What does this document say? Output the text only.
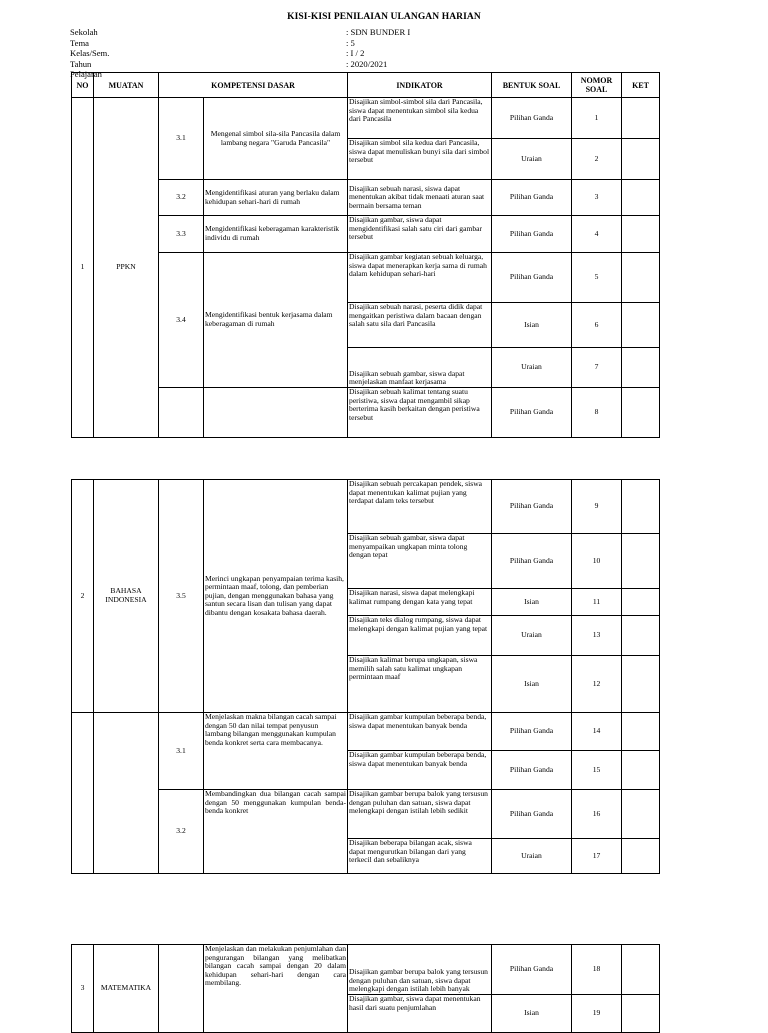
KISI-KISI PENILAIAN ULANGAN HARIAN
Sekolah	: SDN BUNDER I
Tema	: 5
Kelas/Sem.	: I / 2
Tahun Pelajaran
: 2020/2021
NO	MUATAN	KOMPETENSI DASAR		INDIKATOR	BENTUK SOAL	NOMOR SOAL	KET
1	PPKN	3.1	Mengenal simbol sila-sila Pancasila dalam lambang negara "Garuda Pancasila"	Disajikan simbol-simbol sila dari Pancasila, siswa dapat menentukan simbol sila kedua dari Pancasila	Pilihan Ganda	1	
				Disajikan simbol sila kedua dari Pancasila, siswa dapat menuliskan bunyi sila dari simbol tersebut	Uraian	2	
		3.2	Mengidentifikasi aturan yang berlaku dalam kehidupan sehari-hari di rumah	Disajikan sebuah narasi, siswa dapat menentukan akibat tidak menaati aturan saat bermain bersama teman	Pilihan Ganda	3	
		3.3	Mengidentifikasi keberagaman karakteristik individu di rumah	Disajikan gambar, siswa dapat mengidentifikasi salah satu ciri dari gambar tersebut	Pilihan Ganda	4	
		3.4	Mengidentifikasi bentuk kerjasama dalam keberagaman di rumah	Disajikan gambar kegiatan sebuah keluarga, siswa dapat menerapkan kerja sama di rumah dalam kehidupan sehari-hari	Pilihan Ganda	5	
				Disajikan sebuah narasi, peserta didik dapat mengaitkan peristiwa dalam bacaan dengan salah satu sila dari Pancasila	Isian	6	
				Disajikan sebuah gambar, siswa dapat menjelaskan manfaat kerjasama	Uraian	7	
				Disajikan sebuah kalimat tentang suatu peristiwa, siswa dapat mengambil sikap berterima kasih berkaitan dengan peristiwa tersebut	Pilihan Ganda	8	
2	BAHASA INDONESIA	3.5	Merinci ungkapan penyampaian terima kasih, permintaan maaf, tolong, dan pemberian pujian, dengan menggunakan bahasa yang santun secara lisan dan tulisan yang dapat dibantu dengan kosakata bahasa daerah.	Disajikan sebuah percakapan pendek, siswa dapat menentukan kalimat pujian yang terdapat dalam teks tersebut	Pilihan Ganda	9	
				Disajikan sebuah gambar, siswa dapat menyampaikan ungkapan minta tolong dengan tepat	Pilihan Ganda	10	
				Disajikan narasi, siswa dapat melengkapi kalimat rumpang dengan kata yang tepat	Isian	11	
				Disajikan teks dialog rumpang, siswa dapat melengkapi dengan kalimat pujian yang tepat	Uraian	13	
				Disajikan kalimat berupa ungkapan, siswa memilih salah satu kalimat ungkapan permintaan maaf	Isian	12	
		3.1	Menjelaskan makna bilangan cacah sampai dengan 50 dan nilai tempat penyusun lambang bilangan menggunakan kumpulan benda konkret serta cara membacanya.	Disajikan gambar kumpulan beberapa benda, siswa dapat menentukan banyak benda	Pilihan Ganda	14	
				Disajikan gambar kumpulan beberapa benda, siswa dapat menentukan banyak benda	Pilihan Ganda	15	
		3.2	Membandingkan dua bilangan cacah sampai dengan 50 menggunakan kumpulan benda-benda konkret	Disajikan gambar berupa balok yang tersusun dengan puluhan dan satuan, siswa dapat melengkapi dengan istilah lebih sedikit	Pilihan Ganda	16	
				Disajikan beberapa bilangan acak, siswa dapat mengurutkan bilangan dari yang terkecil dan sebaliknya	Uraian	17	
3	MATEMATIKA		Menjelaskan dan melakukan penjumlahan dan pengurangan bilangan yang melibatkan bilangan cacah sampai dengan 20 dalam kehidupan sehari-hari dengan cara membilang.	Disajikan gambar berupa balok yang tersusun dengan puluhan dan satuan, siswa dapat melengkapi dengan istilah lebih banyak	Pilihan Ganda	18	
				Disajikan gambar, siswa dapat menentukan hasil dari suatu penjumlahan	Isian	19	
